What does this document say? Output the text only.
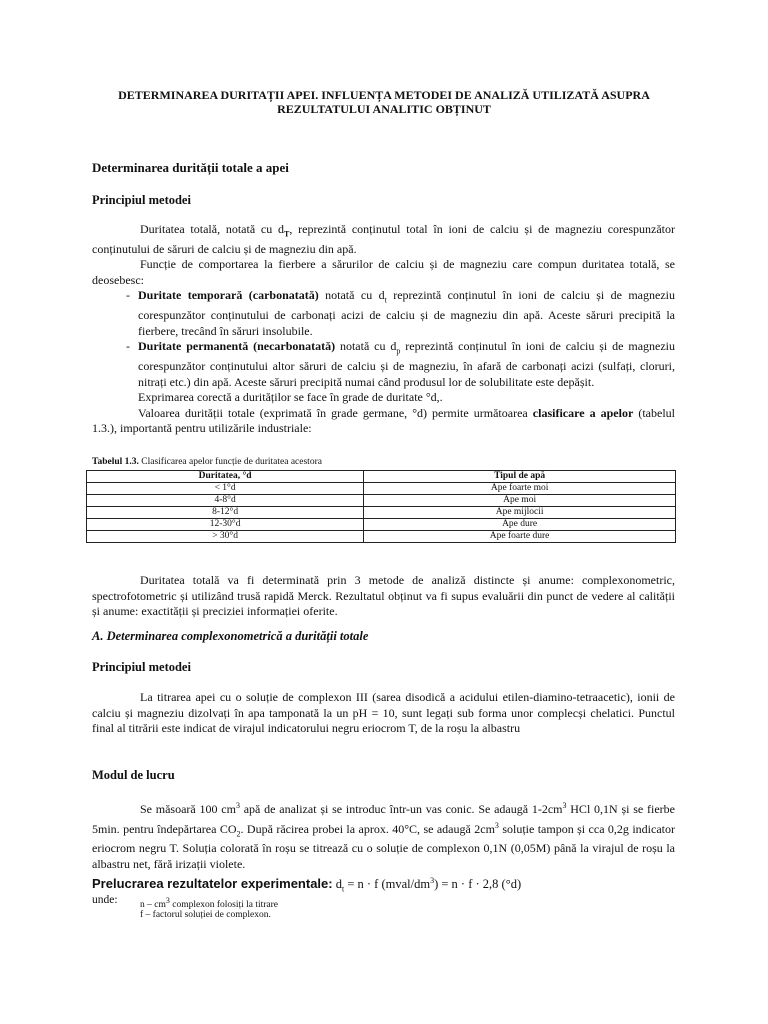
DETERMINAREA DURITAȚII APEI. INFLUENȚA METODEI DE ANALIZĂ UTILIZATĂ ASUPRA
REZULTATULUI ANALITIC OBȚINUT
Determinarea durității totale a apei
Principiul metodei

Duritatea totală, notată cu $d_T$, reprezintă conținutul total în ioni de calciu și de magneziu corespunzător conținutului de săruri de calciu și de magneziu din apă.

Funcție de comportarea la fierbere a sărurilor de calciu și de magneziu care compun duritatea totală, se deosebesc:

- Duritate temporară (carbonatată) notată cu $d_t$ reprezintă conținutul în ioni de calciu și de magneziu corespunzător conținutului de carbonați acizi de calciu și de magneziu din apă. Aceste săruri precipită la fierbere, trecând în săruri insolubile.
- Duritate permanentă (necarbonatată) notată cu $d_p$ reprezintă conținutul în ioni de calciu și de magneziu corespunzător conținutului altor săruri de calciu și de magneziu, în afară de carbonați acizi (sulfați, cloruri, nitrați etc.) din apă. Aceste săruri precipită numai când produsul lor de solubilitate este depășit.

Exprimarea corectă a durităților se face în grade de duritate °d,.

Valoarea durității totale (exprimată în grade germane, °d) permite următoarea clasificare a apelor (tabelul 1.3.), importantă pentru utilizările industriale:

Tabelul 1.3. Clasificarea apelor funcție de duritatea acestora
Duritatea, °d	Tipul de apă
< 1°d	Ape foarte moi
4-8°d	Ape moi
8-12°d	Ape mijlocii
12-30°d	Ape dure
> 30°d	Ape foarte dure

Duritatea totală va fi determinată prin 3 metode de analiză distincte și anume: complexonometric, spectrofotometric și utilizând trusă rapidă Merck. Rezultatul obținut va fi supus evaluării din punct de vedere al calității și anume: exactității și preciziei informației oferite.

A. Determinarea complexonometrică a durității totale
Principiul metodei

La titrarea apei cu o soluție de complexon III (sarea disodică a acidului etilen-diamino-tetraacetic), ionii de calciu și magneziu dizolvați în apa tamponată la un pH = 10, sunt legați sub forma unor complecși chelatici. Punctul final al titrării este indicat de virajul indicatorului negru eriocrom T, de la roșu la albastru

Modul de lucru

Se măsoară 100 $cm^3$ apă de analizat și se introduc într-un vas conic. Se adaugă $1-2cm^3$ HCl 0,1N și se fierbe 5min. pentru îndepărtarea $CO_2$. După răcirea probei la aprox. 40°C, se adaugă $2cm^3$ soluție tampon și cca 0,2g indicator eriocrom negru T. Soluția colorată în roșu se titrează cu o soluție de complexon 0,1N (0,05M) până la virajul de roșu la albastru net, fără irizații violete.

Prelucrarea rezultatelor experimentale: $d_t = n \cdot f$ $(mval/dm^3) = n \cdot f \cdot 2,8$ (°d)
unde: n – $cm^3$ complexon folosiți la titrare
f – factorul soluției de complexon.
